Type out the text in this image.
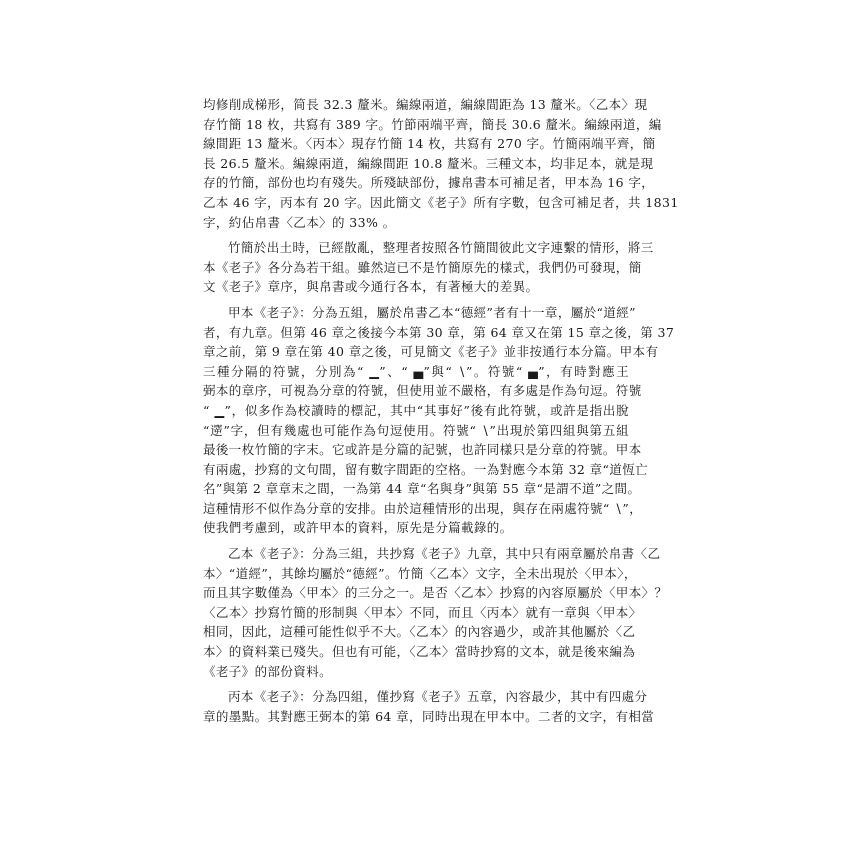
均修削成梯形，简長 32.3 釐米。編線兩道，編線間距為 13 釐米。〈乙本〉現
存竹簡 18 枚，共寫有 389 字。竹節兩端平齊，簡長 30.6 釐米。編線兩道，編
線間距 13 釐米。〈丙本〉現存竹簡 14 枚，共寫有 270 字。竹簡兩端平齊，簡
長 26.5 釐米。編線兩道，編線間距 10.8 釐米。三種文本，均非足本，就是現
存的竹簡，部份也均有殘失。所殘缺部份，據帛書本可補足者，甲本為 16 字，
乙本 46 字，丙本有 20 字。因此簡文《老子》所有字數，包含可補足者，共 1831
字，約佔帛書〈乙本〉的 33% 。

竹簡於出土時，已經散亂，整理者按照各竹簡間彼此文字連繫的情形，將三
本《老子》各分為若干組。雖然這已不是竹簡原先的樣式，我們仍可發現，簡
文《老子》章序，與帛書或今通行各本，有著極大的差異。

甲本《老子》：分為五組，屬於帛書乙本“德經”者有十一章，屬於“道經”
者，有九章。但第 46 章之後接今本第 30 章，第 64 章又在第 15 章之後，第 37
章之前，第 9 章在第 40 章之後，可見簡文《老子》並非按通行本分篇。甲本有
三種分隔的符號，分別為“ ▁”、“ ▄”與“ ∖”。符號“ ▄”，有時對應王
弼本的章序，可視為分章的符號，但使用並不嚴格，有多處是作為句逗。符號
“ ▁”，似多作為校讀時的標記，其中“其事好”後有此符號，或許是指出脫
“遻”字，但有幾處也可能作為句逗使用。符號“ ∖”出現於第四組與第五組
最後一枚竹簡的字末。它或許是分篇的記號，也許同樣只是分章的符號。甲本
有兩處，抄寫的文句間，留有數字間距的空格。一為對應今本第 32 章“道恆亡
名”與第 2 章章末之間，一為第 44 章“名與身”與第 55 章“是謂不道”之間。
這種情形不似作為分章的安排。由於這種情形的出現，與存在兩處符號“ ∖”，
使我們考慮到，或許甲本的資料，原先是分篇載錄的。

乙本《老子》：分為三組，共抄寫《老子》九章，其中只有兩章屬於帛書〈乙
本〉“道經”，其餘均屬於“德經”。竹簡〈乙本〉文字，全未出現於〈甲本〉，
而且其字數僅為〈甲本〉的三分之一。是否〈乙本〉抄寫的內容原屬於〈甲本〉？
〈乙本〉抄寫竹簡的形制與〈甲本〉不同，而且〈丙本〉就有一章與〈甲本〉
相同，因此，這種可能性似乎不大。〈乙本〉的內容過少，或許其他屬於〈乙
本〉的資料業已殘失。但也有可能，〈乙本〉當時抄寫的文本，就是後來編為
《老子》的部份資料。

丙本《老子》：分為四組，僅抄寫《老子》五章，內容最少，其中有四處分
章的墨點。其對應王弼本的第 64 章，同時出現在甲本中。二者的文字，有相當
